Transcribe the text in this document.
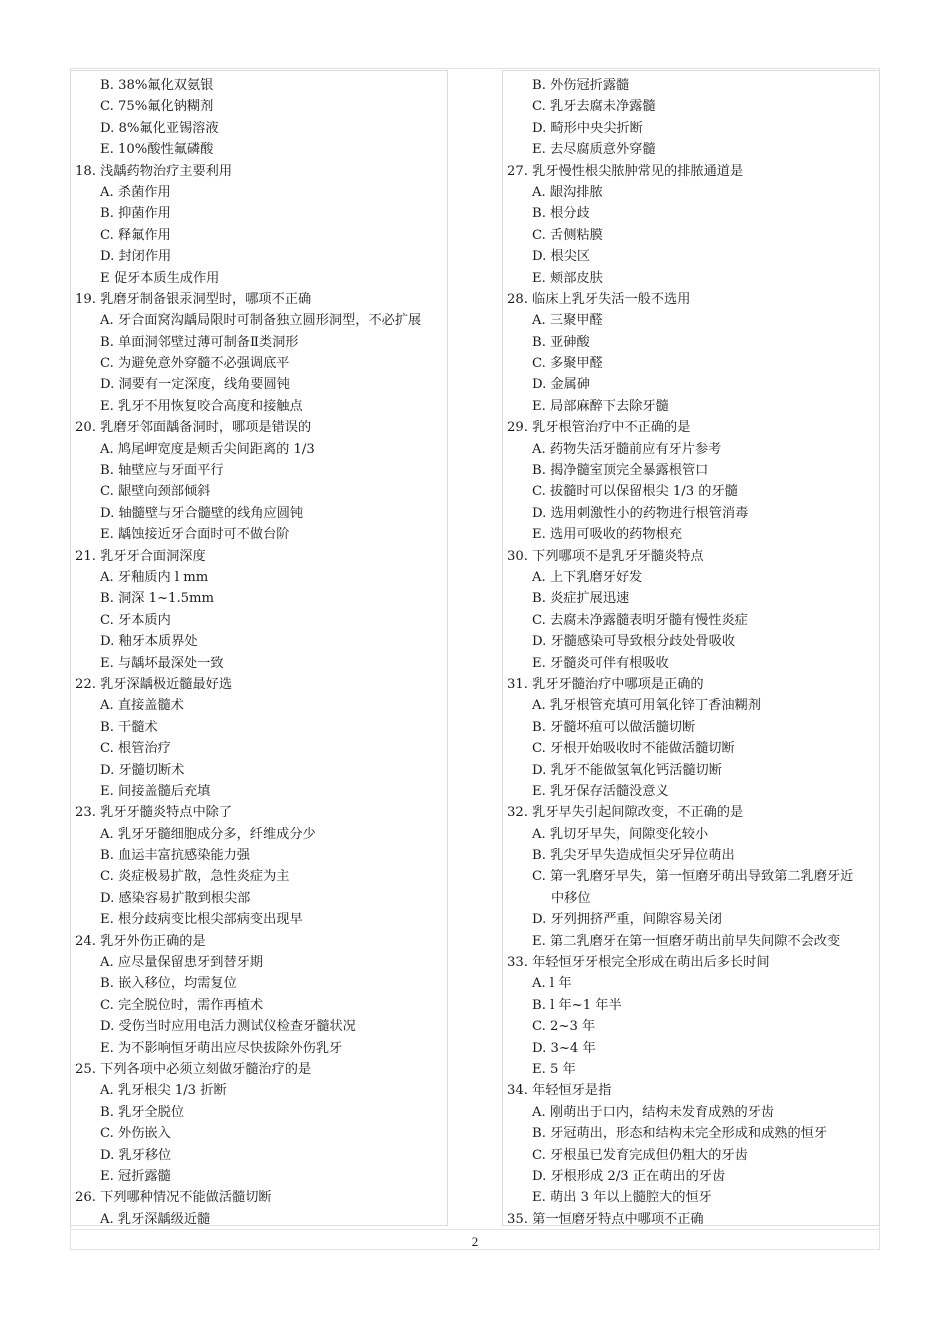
B. 38%氟化双氨银
C. 75%氟化钠糊剂
D. 8%氟化亚锡溶液
E. 10%酸性氟磷酸
18. 浅龋药物治疗主要利用
A. 杀菌作用
B. 抑菌作用
C. 释氟作用
D. 封闭作用
E 促牙本质生成作用
19. 乳磨牙制备银汞洞型时，哪项不正确
A. 牙合面窝沟龋局限时可制备独立圆形洞型，不必扩展
B. 单面洞邻壁过薄可制备Ⅱ类洞形
C. 为避免意外穿髓不必强调底平
D. 洞要有一定深度，线角要圆钝
E. 乳牙不用恢复咬合高度和接触点
20. 乳磨牙邻面龋备洞时，哪项是错误的
A. 鸠尾岬宽度是颊舌尖间距离的 1/3
B. 轴壁应与牙面平行
C. 龈壁向颈部倾斜
D. 轴髓壁与牙合髓壁的线角应圆钝
E. 龋蚀接近牙合面时可不做台阶
21. 乳牙牙合面洞深度
A. 牙釉质内 l mm
B. 洞深 1~1.5mm
C. 牙本质内
D. 釉牙本质界处
E. 与龋坏最深处一致
22. 乳牙深龋极近髓最好选
A. 直接盖髓术
B. 干髓术
C. 根管治疗
D. 牙髓切断术
E. 间接盖髓后充填
23. 乳牙牙髓炎特点中除了
A. 乳牙牙髓细胞成分多，纤维成分少
B. 血运丰富抗感染能力强
C. 炎症极易扩散，急性炎症为主
D. 感染容易扩散到根尖部
E. 根分歧病变比根尖部病变出现早
24. 乳牙外伤正确的是
A. 应尽量保留患牙到替牙期
B. 嵌入移位，均需复位
C. 完全脱位时，需作再植术
D. 受伤当时应用电活力测试仪检查牙髓状况
E. 为不影响恒牙萌出应尽快拔除外伤乳牙
25. 下列各项中必须立刻做牙髓治疗的是
A. 乳牙根尖 1/3 折断
B. 乳牙全脱位
C. 外伤嵌入
D. 乳牙移位
E. 冠折露髓
26. 下列哪种情况不能做活髓切断
A. 乳牙深龋级近髓
B. 外伤冠折露髓
C. 乳牙去腐未净露髓
D. 畸形中央尖折断
E. 去尽腐质意外穿髓
27. 乳牙慢性根尖脓肿常见的排脓通道是
A. 龈沟排脓
B. 根分歧
C. 舌侧粘膜
D. 根尖区
E. 颊部皮肤
28. 临床上乳牙失活一般不选用
A. 三聚甲醛
B. 亚砷酸
C. 多聚甲醛
D. 金属砷
E. 局部麻醉下去除牙髓
29. 乳牙根管治疗中不正确的是
A. 药物失活牙髓前应有牙片参考
B. 揭净髓室顶完全暴露根管口
C. 拔髓时可以保留根尖 1/3 的牙髓
D. 选用刺激性小的药物进行根管消毒
E. 选用可吸收的药物根充
30. 下列哪项不是乳牙牙髓炎特点
A. 上下乳磨牙好发
B. 炎症扩展迅速
C. 去腐未净露髓表明牙髓有慢性炎症
D. 牙髓感染可导致根分歧处骨吸收
E. 牙髓炎可伴有根吸收
31. 乳牙牙髓治疗中哪项是正确的
A. 乳牙根管充填可用氧化锌丁香油糊剂
B. 牙髓坏疽可以做活髓切断
C. 牙根开始吸收时不能做活髓切断
D. 乳牙不能做氢氧化钙活髓切断
E. 乳牙保存活髓没意义
32. 乳牙早失引起间隙改变，不正确的是
A. 乳切牙早失，间隙变化较小
B. 乳尖牙早失造成恒尖牙异位萌出
C. 第一乳磨牙早失，第一恒磨牙萌出导致第二乳磨牙近
中移位
D. 牙列拥挤严重，间隙容易关闭
E. 第二乳磨牙在第一恒磨牙萌出前早失间隙不会改变
33. 年轻恒牙牙根完全形成在萌出后多长时间
A. l 年
B. l 年~1 年半
C. 2~3 年
D. 3~4 年
E. 5 年
34. 年轻恒牙是指
A. 刚萌出于口内，结构未发育成熟的牙齿
B. 牙冠萌出，形态和结构未完全形成和成熟的恒牙
C. 牙根虽已发育完成但仍粗大的牙齿
D. 牙根形成 2/3 正在萌出的牙齿
E. 萌出 3 年以上髓腔大的恒牙
35. 第一恒磨牙特点中哪项不正确
2
